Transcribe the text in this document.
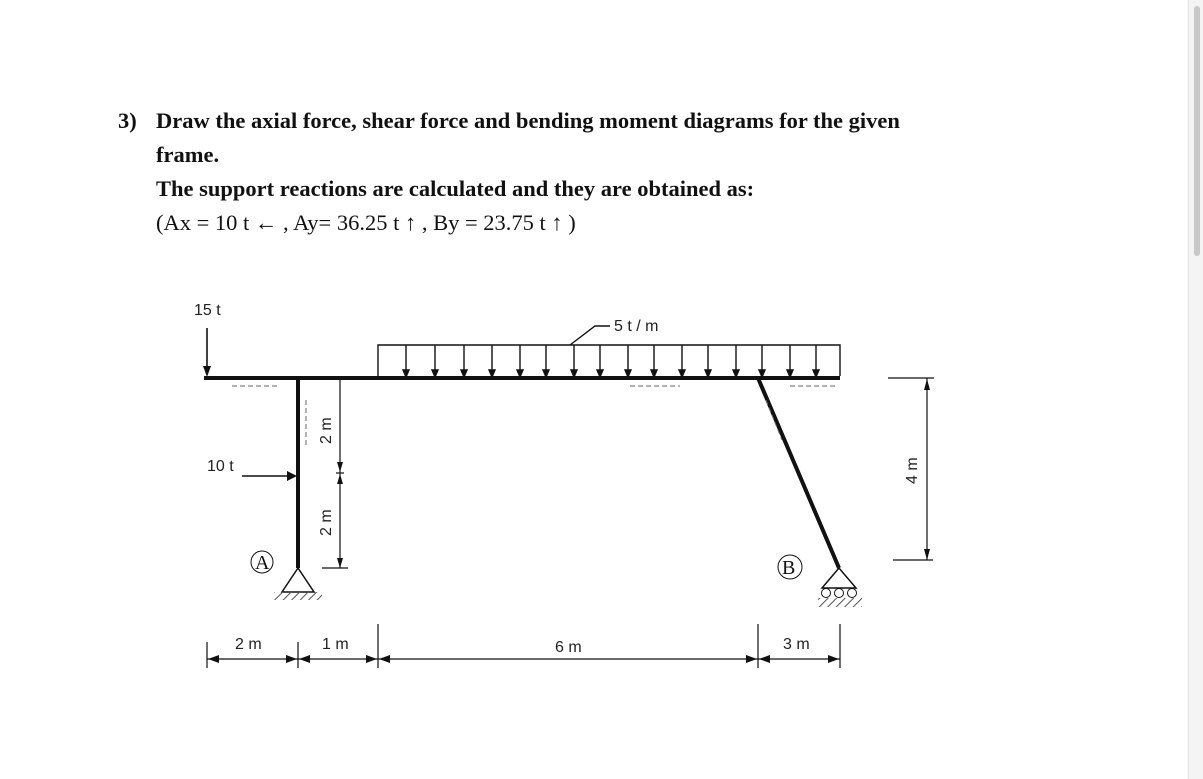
3) Draw the axial force, shear force and bending moment diagrams for the given
frame.
The support reactions are calculated and they are obtained as:
(Ax = 10 t ← , Ay= 36.25 t ↑ , By = 23.75 t ↑ )
5 t / m
15 t
10 t
A	B
2 m
2 m
4 m
2 m	1 m	6 m	3 m
